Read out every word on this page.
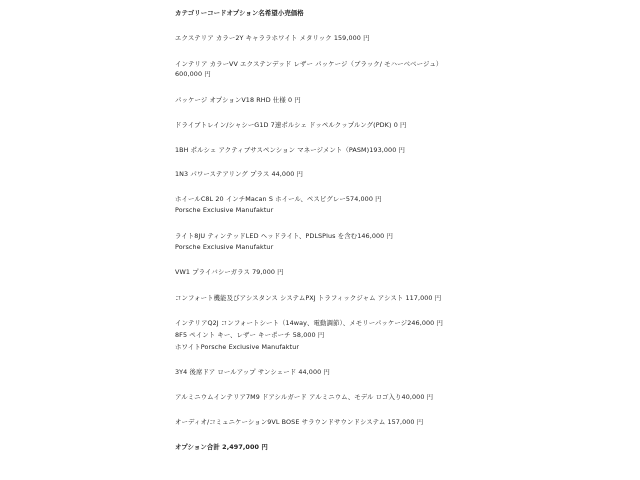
カテゴリーコードオプション名希望小売価格
エクステリア カラー2Y キャララホワイト メタリック 159,000 円
インテリア カラーVV エクステンデッド レザー パッケージ（ブラック/ モハーベベージュ）
600,000 円
パッケージ オプションV18 RHD 仕様 0 円
ドライブトレイン/シャシーG1D 7速ポルシェ ドッペルクップルング(PDK) 0 円
1BH ポルシェ アクティブサスペンション マネージメント（PASM)193,000 円
1N3 パワーステアリング プラス 44,000 円
ホイールC8L 20 インチMacan S ホイール、ペスビグレー574,000 円
Porsche Exclusive Manufaktur
ライト8JU ティンテッドLED ヘッドライト、PDLSPlus を含む146,000 円
Porsche Exclusive Manufaktur
VW1 プライバシーガラス 79,000 円
コンフォート機能及びアシスタンス システムPXJ トラフィックジャム アシスト 117,000 円
インテリアQ2J コンフォートシート（14way、電動調節）、メモリーパッケージ246,000 円
8F5 ペイント キー、レザー キーポーチ 58,000 円
ホワイトPorsche Exclusive Manufaktur
3Y4 後席ドア ロールアップ サンシェード 44,000 円
アルミニウムインテリア7M9 ドアシルガード アルミニウム、モデル ロゴ入り40,000 円
オーディオ/コミュニケーション9VL BOSE サラウンドサウンドシステム 157,000 円
オプション合計 2,497,000 円
